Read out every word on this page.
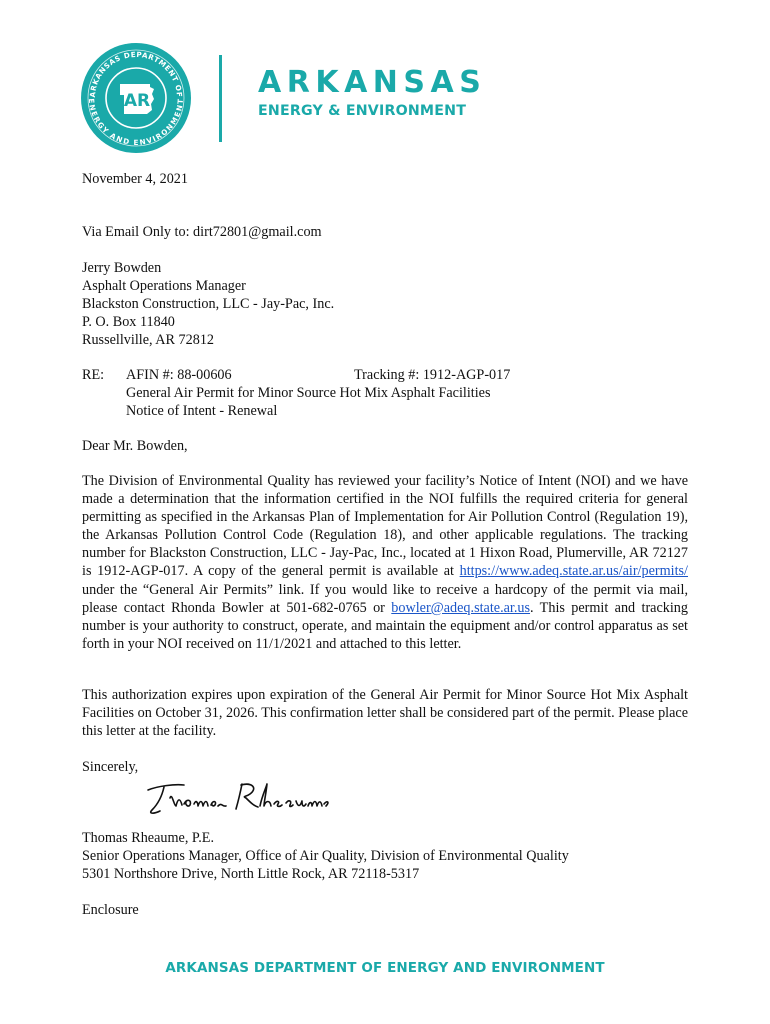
ARKANSAS DEPARTMENT OF
ENERGY AND ENVIRONMENT
AR
ARKANSAS
ENERGY & ENVIRONMENT
November 4, 2021
Via Email Only to: dirt72801@gmail.com
Jerry Bowden
Asphalt Operations Manager
Blackston Construction, LLC - Jay-Pac, Inc.
P. O. Box 11840
Russellville, AR 72812
RE: AFIN #: 88-00606	Tracking #: 1912-AGP-017
General Air Permit for Minor Source Hot Mix Asphalt Facilities
Notice of Intent - Renewal
Dear Mr. Bowden,
The Division of Environmental Quality has reviewed your facility’s Notice of Intent (NOI) and we have made a determination that the information certified in the NOI fulfills the required criteria for general permitting as specified in the Arkansas Plan of Implementation for Air Pollution Control (Regulation 19), the Arkansas Pollution Control Code (Regulation 18), and other applicable regulations. The tracking number for Blackston Construction, LLC - Jay-Pac, Inc., located at 1 Hixon Road, Plumerville, AR 72127 is 1912-AGP-017. A copy of the general permit is available at https://www.adeq.state.ar.us/air/permits/ under the “General Air Permits” link. If you would like to receive a hardcopy of the permit via mail, please contact Rhonda Bowler at 501-682-0765 or bowler@adeq.state.ar.us. This permit and tracking number is your authority to construct, operate, and maintain the equipment and/or control apparatus as set forth in your NOI received on 11/1/2021 and attached to this letter.
This authorization expires upon expiration of the General Air Permit for Minor Source Hot Mix Asphalt Facilities on October 31, 2026. This confirmation letter shall be considered part of the permit. Please place this letter at the facility.
Sincerely,
Thomas Rheaume, P.E.
Senior Operations Manager, Office of Air Quality, Division of Environmental Quality
5301 Northshore Drive, North Little Rock, AR 72118-5317
Enclosure
ARKANSAS DEPARTMENT OF ENERGY AND ENVIRONMENT
